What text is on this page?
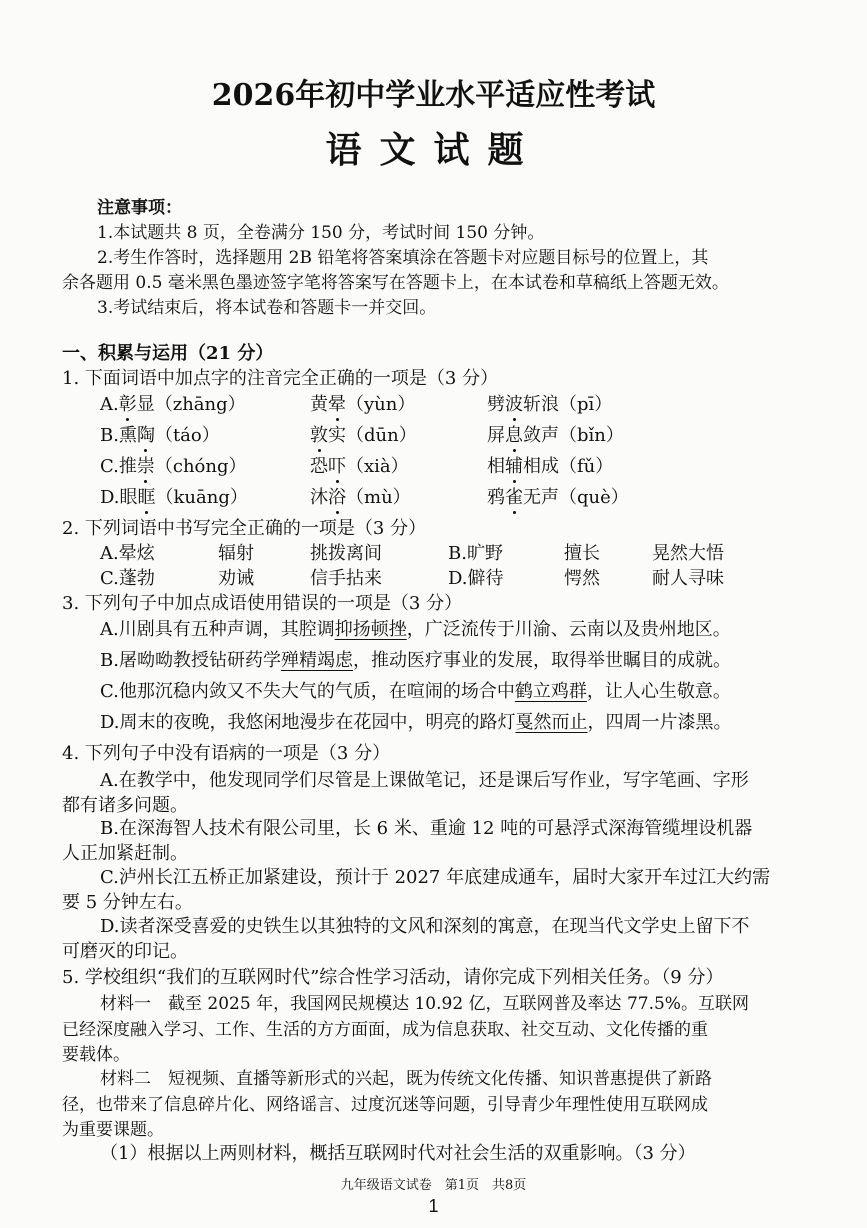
2026年初中学业水平适应性考试
语文试题
注意事项：
1.本试题共 8 页，全卷满分 150 分，考试时间 150 分钟。
2.考生作答时，选择题用 2B 铅笔将答案填涂在答题卡对应题目标号的位置上，其
余各题用 0.5 毫米黑色墨迹签字笔将答案写在答题卡上，在本试卷和草稿纸上答题无效。
3.考试结束后，将本试卷和答题卡一并交回。
一、积累与运用（21 分）
1. 下面词语中加点字的注音完全正确的一项是（3 分）
A.彰显（zhāng）	黄晕（yùn）	劈波斩浪（pī）
B.熏陶（táo）	敦实（dūn）	屏息敛声（bǐn）
C.推崇（chóng）	恐吓（xià）	相辅相成（fǔ）
D.眼眶（kuāng）	沐浴（mù）	鸦雀无声（què）
2. 下列词语中书写完全正确的一项是（3 分）
A.晕炫	辐射	挑拨离间	B.旷野	擅长	晃然大悟
C.蓬勃	劝诫	信手拈来	D.僻待	愕然	耐人寻味
3. 下列句子中加点成语使用错误的一项是（3 分）
A.川剧具有五种声调，其腔调抑扬顿挫，广泛流传于川渝、云南以及贵州地区。
B.屠呦呦教授钻研药学殚精竭虑，推动医疗事业的发展，取得举世瞩目的成就。
C.他那沉稳内敛又不失大气的气质，在喧闹的场合中鹤立鸡群，让人心生敬意。
D.周末的夜晚，我悠闲地漫步在花园中，明亮的路灯戛然而止，四周一片漆黑。
4. 下列句子中没有语病的一项是（3 分）
A.在教学中，他发现同学们尽管是上课做笔记，还是课后写作业，写字笔画、字形
都有诸多问题。
B.在深海智人技术有限公司里，长 6 米、重逾 12 吨的可悬浮式深海管缆埋设机器
人正加紧赶制。
C.泸州长江五桥正加紧建设，预计于 2027 年底建成通车，届时大家开车过江大约需
要 5 分钟左右。
D.读者深受喜爱的史铁生以其独特的文风和深刻的寓意，在现当代文学史上留下不
可磨灭的印记。
5. 学校组织“我们的互联网时代”综合性学习活动，请你完成下列相关任务。（9 分）
材料一　截至 2025 年，我国网民规模达 10.92 亿，互联网普及率达 77.5%。互联网
已经深度融入学习、工作、生活的方方面面，成为信息获取、社交互动、文化传播的重
要载体。
材料二　短视频、直播等新形式的兴起，既为传统文化传播、知识普惠提供了新路
径，也带来了信息碎片化、网络谣言、过度沉迷等问题，引导青少年理性使用互联网成
为重要课题。
（1）根据以上两则材料，概括互联网时代对社会生活的双重影响。（3 分）
九年级语文试卷　第1页　共8页
1
